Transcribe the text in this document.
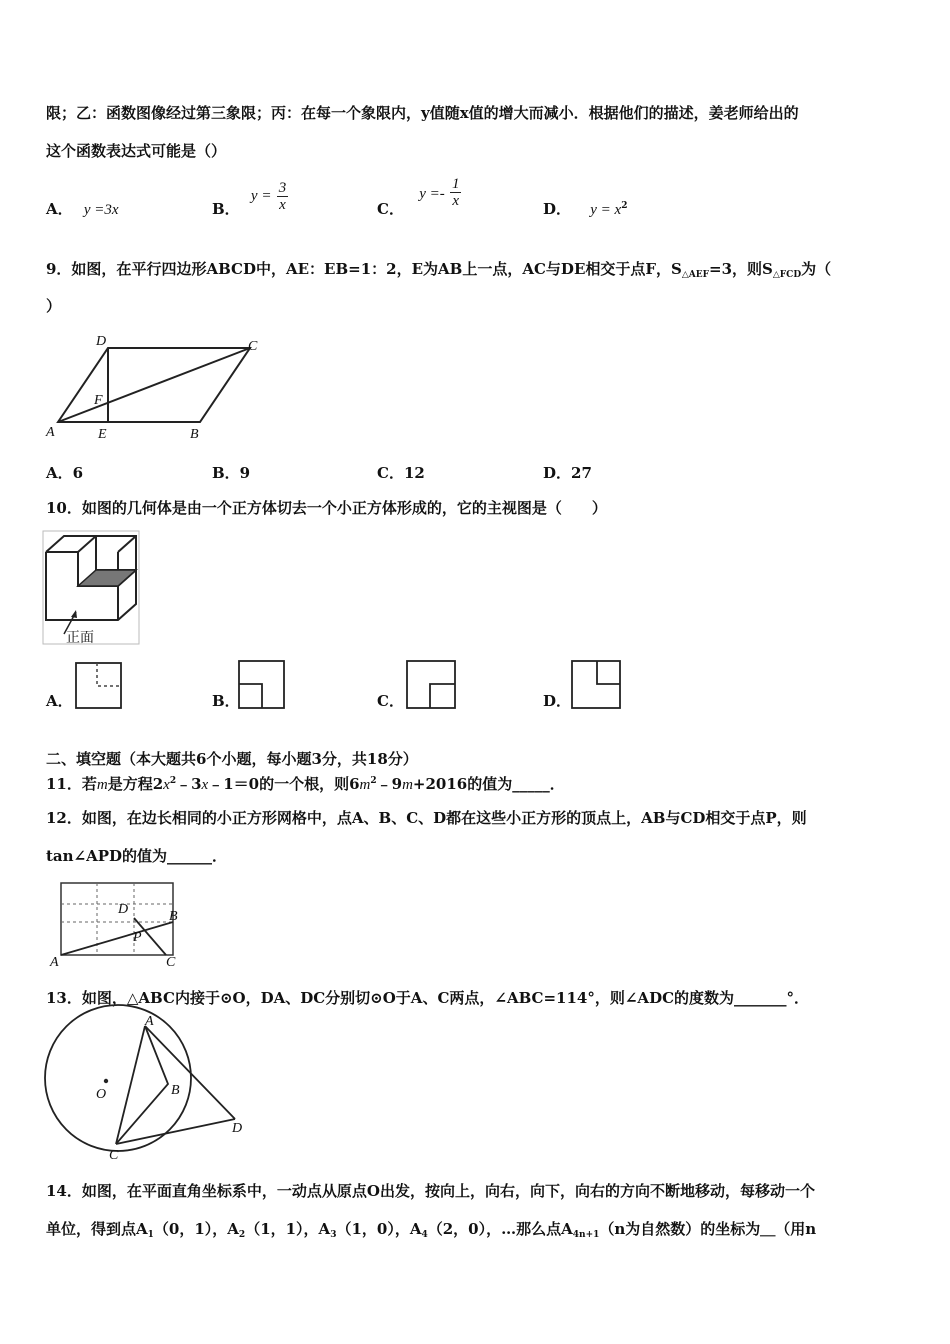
限；乙：函数图像经过第三象限；丙：在每一个象限内，y值随x值的增大而减小．根据他们的描述，姜老师给出的
这个函数表达式可能是（）
A． y =3x	B． $y = \frac{3}{x}$	C． $y =- \frac{1}{x}$	D． $y = x^2$
9．如图，在平行四边形ABCD中，AE：EB=1：2，E为AB上一点，AC与DE相交于点F，$S_{\triangle AEF}=3$，则$S_{\triangle FCD}$为（
）
D	C
F
A	E	B
A．6	B．9	C．12	D．27
10．如图的几何体是由一个正方体切去一个小正方体形成的，它的主视图是（　　）
正面
A．	B．	C．	D．
二、填空题（本大题共6个小题，每小题3分，共18分）
11．若m是方程$2x^2﹣3x﹣1=0$的一个根，则$6m^2﹣9m+2016$的值为_____．
12．如图，在边长相同的小正方形网格中，点A、B、C、D都在这些小正方形的顶点上，AB与CD相交于点P，则
tan∠APD的值为______．
D	B
P
A	C
13．如图，△ABC内接于⊙O，DA、DC分别切⊙O于A、C两点，∠ABC=114°，则∠ADC的度数为_______°．
A
O	B
D
C
14．如图，在平面直角坐标系中，一动点从原点O出发，按向上，向右，向下，向右的方向不断地移动，每移动一个
单位，得到点$A_1(0$，1），$A_2(1$，1），$A_3(1$，0），$A_4(2$，0），…那么点$A_{4n+1}(n$为自然数）的坐标为＿（用n
